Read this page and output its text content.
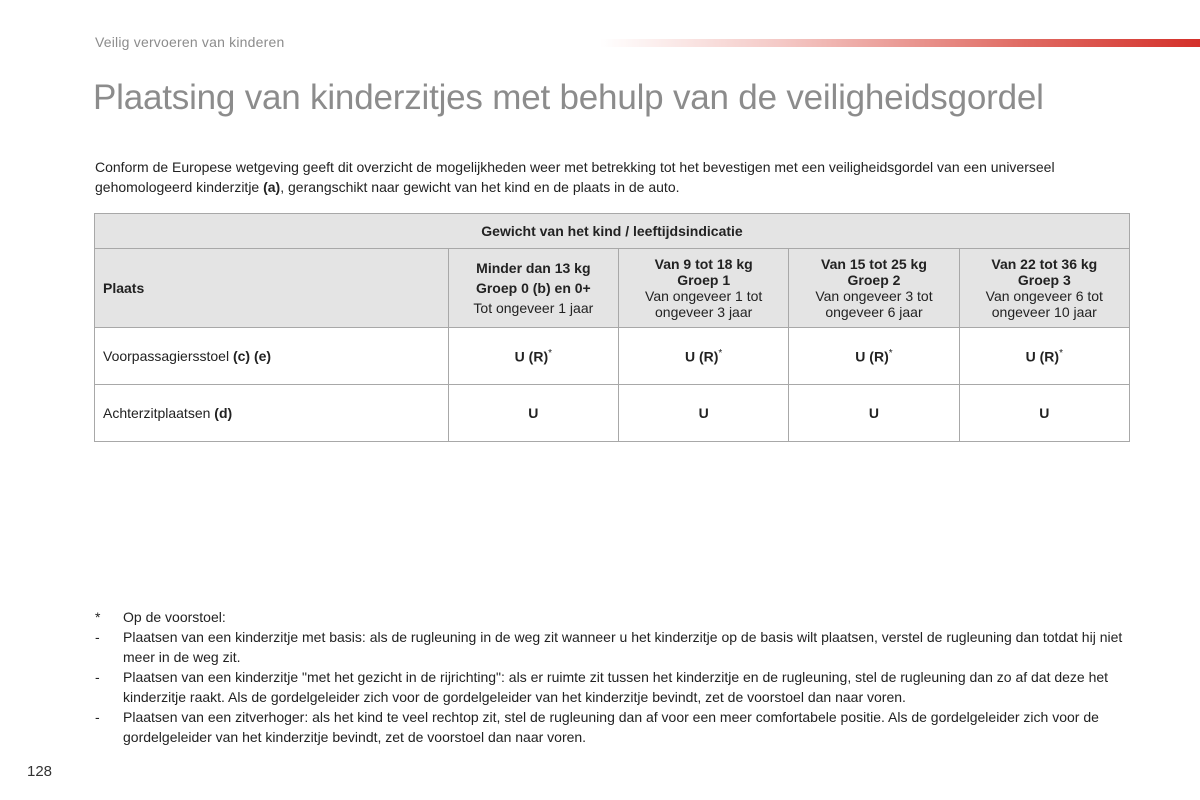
Veilig vervoeren van kinderen
Plaatsing van kinderzitjes met behulp van de veiligheidsgordel
Conform de Europese wetgeving geeft dit overzicht de mogelijkheden weer met betrekking tot het bevestigen met een veiligheidsgordel van een universeel gehomologeerd kinderzitje (a), gerangschikt naar gewicht van het kind en de plaats in de auto.
Gewicht van het kind / leeftijdsindicatie				
Plaats	Minder dan 13 kg
Groep 0 (b) en 0+
Tot ongeveer 1 jaar	Van 9 tot 18 kg
Groep 1
Van ongeveer 1 tot
ongeveer 3 jaar	Van 15 tot 25 kg
Groep 2
Van ongeveer 3 tot
ongeveer 6 jaar	Van 22 tot 36 kg
Groep 3
Van ongeveer 6 tot
ongeveer 10 jaar

Voorpassagiersstoel (c) (e)	U (R)*	U (R)*	U (R)*	U (R)*
Achterzitplaatsen (d)	U	U	U	U
*	Op de voorstoel:
-	Plaatsen van een kinderzitje met basis: als de rugleuning in de weg zit wanneer u het kinderzitje op de basis wilt plaatsen, verstel de rugleuning dan totdat hij niet meer in de weg zit.
-	Plaatsen van een kinderzitje "met het gezicht in de rijrichting": als er ruimte zit tussen het kinderzitje en de rugleuning, stel de rugleuning dan zo af dat deze het kinderzitje raakt. Als de gordelgeleider zich voor de gordelgeleider van het kinderzitje bevindt, zet de voorstoel dan naar voren.
-	Plaatsen van een zitverhoger: als het kind te veel rechtop zit, stel de rugleuning dan af voor een meer comfortabele positie. Als de gordelgeleider zich voor de gordelgeleider van het kinderzitje bevindt, zet de voorstoel dan naar voren.
128
